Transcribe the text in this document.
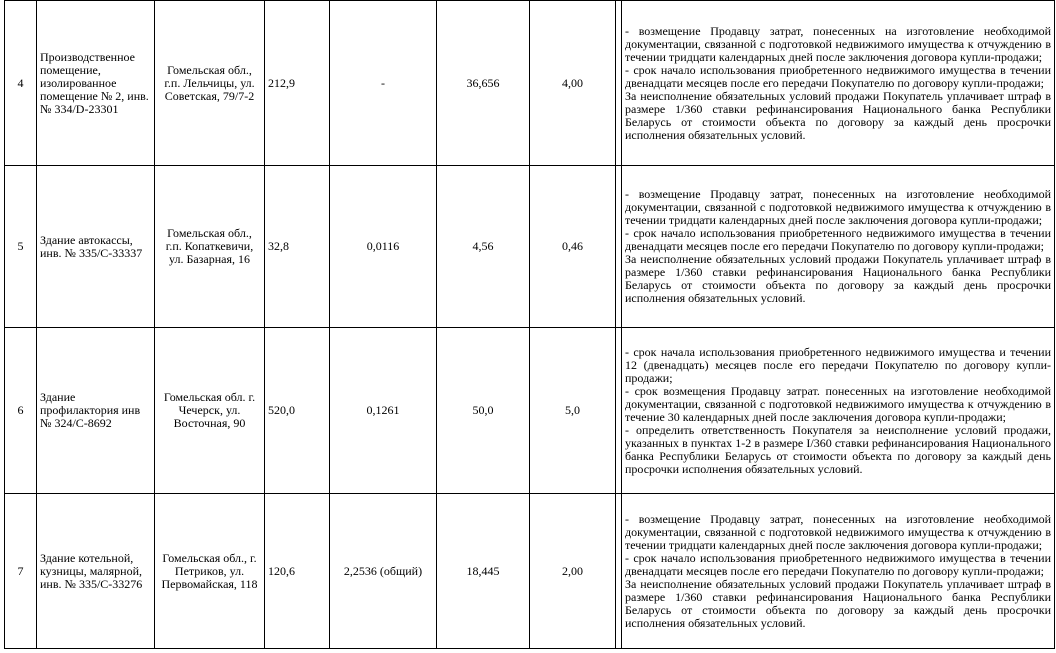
4	Производственное помещение, изолированное помещение № 2, инв.№ 334/D-23301	Гомельская обл., г.п. Лельчицы, ул. Советская, 79/7-2	212,9	-	36,656	4,00		- возмещение Продавцу затрат, понесенных на изготовление необходимой документации, связанной с подготовкой недвижимого имущества к отчуждению в течении тридцати календарных дней после заключения договора купли-продажи;
- срок начало использования приобретенного недвижимого имущества в течении двенадцати месяцев после его передачи Покупателю по договору купли-продажи;
За неисполнение обязательных условий продажи Покупатель уплачивает штраф в размере 1/360 ставки рефинансирования Национального банка Республики Беларусь от стоимости объекта по договору за каждый день просрочки исполнения обязательных условий.

5	Здание автокассы, инв. № 335/С-33337	Гомельская обл., г.п. Копаткевичи, ул. Базарная, 16	32,8	0,0116	4,56	0,46		- возмещение Продавцу затрат, понесенных на изготовление необходимой документации, связанной с подготовкой недвижимого имущества к отчуждению в течении тридцати календарных дней после заключения договора купли-продажи;
- срок начало использования приобретенного недвижимого имущества в течении двенадцати месяцев после его передачи Покупателю по договору купли-продажи;
За неисполнение обязательных условий продажи Покупатель уплачивает штраф в размере 1/360 ставки рефинансирования Национального банка Республики Беларусь от стоимости объекта по договору за каждый день просрочки исполнения обязательных условий.

6	Здание профилактория инв № 324/С-8692	Гомельская обл. г. Чечерск, ул. Восточная, 90	520,0	0,1261	50,0	5,0		- срок начала использования приобретенного недвижимого имущества и течении 12 (двенадцать) месяцев после его передачи Покупателю по договору купли-продажи;
- срок возмещения Продавцу затрат. понесенных на изготовление необходимой документации, связанной с подготовкой недвижимого имущества к отчуждению в течение 30 календарных дней после заключения договора купли-продажи;
- определить ответственность Покупателя за неисполнение условий продажи, указанных в пунктах 1-2 в размере I/360 ставки рефинансирования Национального банка Республики Беларусь от стоимости объекта по договору за каждый день просрочки исполнения обязательных условий.

7	Здание котельной, кузницы, малярной, инв. № 335/С-33276	Гомельская обл., г. Петриков, ул. Первомайская, 118	120,6	2,2536 (общий)	18,445	2,00		- возмещение Продавцу затрат, понесенных на изготовление необходимой документации, связанной с подготовкой недвижимого имущества к отчуждению в течении тридцати календарных дней после заключения договора купли-продажи;
- срок начало использования приобретенного недвижимого имущества в течении двенадцати месяцев после его передачи Покупателю по договору купли-продажи;
За неисполнение обязательных условий продажи Покупатель уплачивает штраф в размере 1/360 ставки рефинансирования Национального банка Республики Беларусь от стоимости объекта по договору за каждый день просрочки исполнения обязательных условий.
